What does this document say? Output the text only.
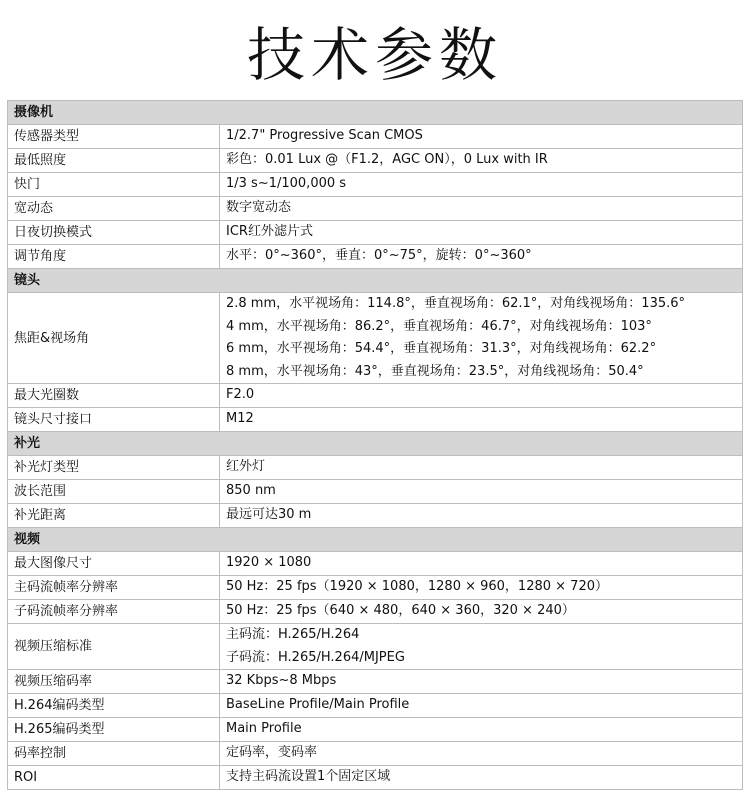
技术参数
摄像机	
传感器类型	1/2.7" Progressive Scan CMOS

最低照度	彩色：0.01 Lux @（F1.2，AGC ON），0 Lux with IR

快门	1/3 s~1/100,000 s

宽动态	数字宽动态

日夜切换模式	ICR红外滤片式

调节角度	水平：0°~360°，垂直：0°~75°，旋转：0°~360°

镜头	
焦距&视场角	2.8 mm，水平视场角：114.8°，垂直视场角：62.1°，对角线视场角：135.6°
4 mm，水平视场角：86.2°，垂直视场角：46.7°，对角线视场角：103°
6 mm，水平视场角：54.4°，垂直视场角：31.3°，对角线视场角：62.2°
8 mm，水平视场角：43°，垂直视场角：23.5°，对角线视场角：50.4°

最大光圈数	F2.0

镜头尺寸接口	M12

补光	
补光灯类型	红外灯

波长范围	850 nm

补光距离	最远可达30 m

视频	
最大图像尺寸	1920 × 1080

主码流帧率分辨率	50 Hz：25 fps（1920 × 1080，1280 × 960，1280 × 720）

子码流帧率分辨率	50 Hz：25 fps（640 × 480，640 × 360，320 × 240）

视频压缩标准	主码流：H.265/H.264
子码流：H.265/H.264/MJPEG

视频压缩码率	32 Kbps~8 Mbps

H.264编码类型	BaseLine Profile/Main Profile

H.265编码类型	Main Profile

码率控制	定码率，变码率

ROI	支持主码流设置1个固定区域
